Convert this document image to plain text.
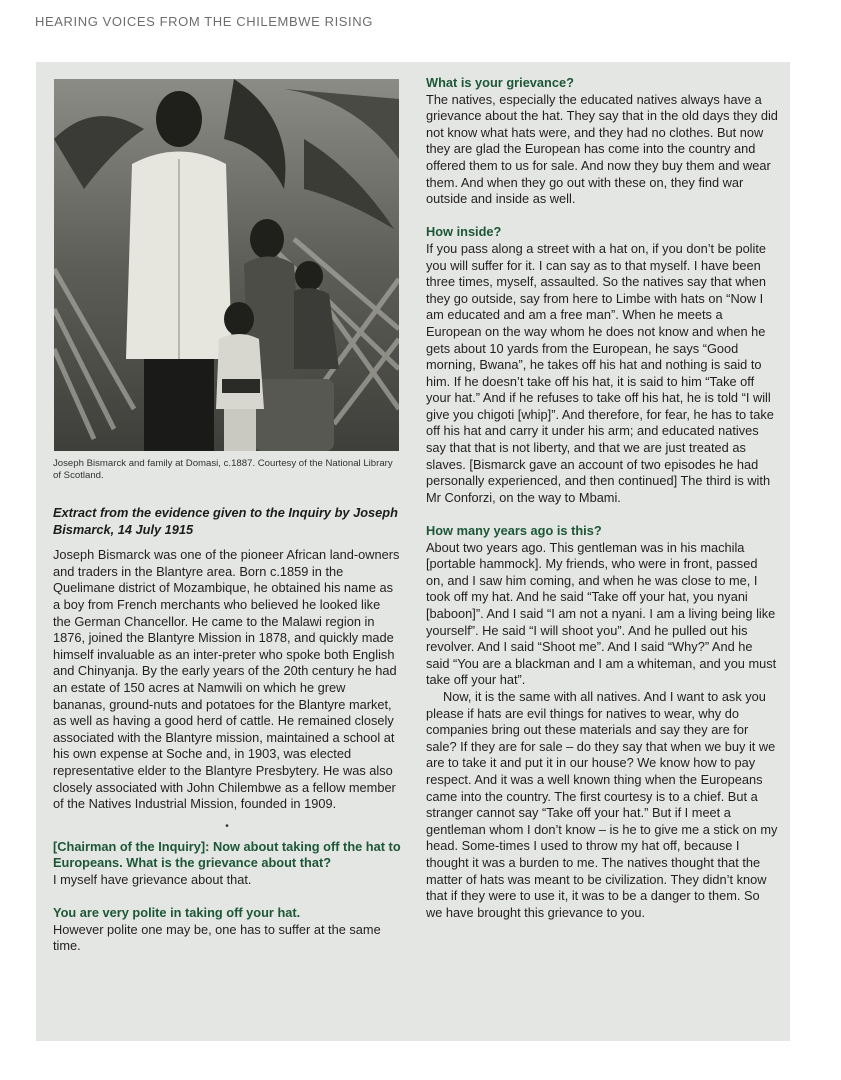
HEARING VOICES FROM THE CHILEMBWE RISING
Joseph Bismarck and family at Domasi, c.1887. Courtesy of the National Library of Scotland.

Extract from the evidence given to the Inquiry by Joseph Bismarck, 14 July 1915

Joseph Bismarck was one of the pioneer African land-owners and traders in the Blantyre area. Born c.1859 in the Quelimane district of Mozambique, he obtained his name as a boy from French merchants who believed he looked like the German Chancellor. He came to the Malawi region in 1876, joined the Blantyre Mission in 1878, and quickly made himself invaluable as an inter-preter who spoke both English and Chinyanja. By the early years of the 20th century he had an estate of 150 acres at Namwili on which he grew bananas, ground-nuts and potatoes for the Blantyre market, as well as having a good herd of cattle. He remained closely associated with the Blantyre mission, maintained a school at his own expense at Soche and, in 1903, was elected representative elder to the Blantyre Presbytery. He was also closely associated with John Chilembwe as a fellow member of the Natives Industrial Mission, founded in 1909.

•

[Chairman of the Inquiry]: Now about taking off the hat to Europeans. What is the grievance about that?

I myself have grievance about that.

You are very polite in taking off your hat.

However polite one may be, one has to suffer at the same time.

What is your grievance?

The natives, especially the educated natives always have a grievance about the hat. They say that in the old days they did not know what hats were, and they had no clothes. But now they are glad the European has come into the country and offered them to us for sale. And now they buy them and wear them. And when they go out with these on, they find war outside and inside as well.

How inside?

If you pass along a street with a hat on, if you don’t be polite you will suffer for it. I can say as to that myself. I have been three times, myself, assaulted. So the natives say that when they go outside, say from here to Limbe with hats on “Now I am educated and am a free man”. When he meets a European on the way whom he does not know and when he gets about 10 yards from the European, he says “Good morning, Bwana”, he takes off his hat and nothing is said to him. If he doesn’t take off his hat, it is said to him “Take off your hat.” And if he refuses to take off his hat, he is told “I will give you chigoti [whip]”. And therefore, for fear, he has to take off his hat and carry it under his arm; and educated natives say that that is not liberty, and that we are just treated as slaves. [Bismarck gave an account of two episodes he had personally experienced, and then continued] The third is with Mr Conforzi, on the way to Mbami.

How many years ago is this?

About two years ago. This gentleman was in his machila [portable hammock]. My friends, who were in front, passed on, and I saw him coming, and when he was close to me, I took off my hat. And he said “Take off your hat, you nyani [baboon]”. And I said “I am not a nyani. I am a living being like yourself”. He said “I will shoot you”. And he pulled out his revolver. And I said “Shoot me”. And I said “Why?” And he said “You are a blackman and I am a whiteman, and you must take off your hat”.

Now, it is the same with all natives. And I want to ask you please if hats are evil things for natives to wear, why do companies bring out these materials and say they are for sale? If they are for sale – do they say that when we buy it we are to take it and put it in our house? We know how to pay respect. And it was a well known thing when the Europeans came into the country. The first courtesy is to a chief. But a stranger cannot say “Take off your hat.” But if I meet a gentleman whom I don’t know – is he to give me a stick on my head. Some-times I used to throw my hat off, because I thought it was a burden to me. The natives thought that the matter of hats was meant to be civilization. They didn’t know that if they were to use it, it was to be a danger to them. So we have brought this grievance to you.
